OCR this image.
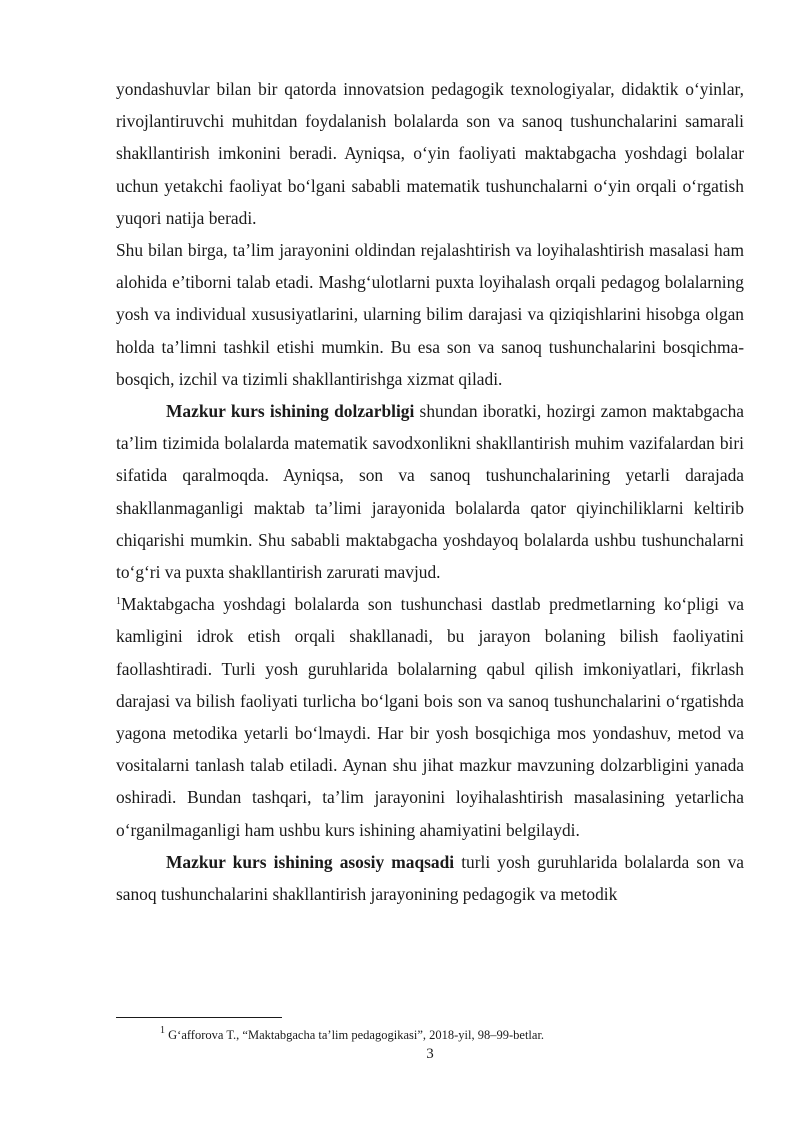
yondashuvlar bilan bir qatorda innovatsion pedagogik texnologiyalar, didaktik o‘yinlar, rivojlantiruvchi muhitdan foydalanish bolalarda son va sanoq tushunchalarini samarali shakllantirish imkonini beradi. Ayniqsa, o‘yin faoliyati maktabgacha yoshdagi bolalar uchun yetakchi faoliyat bo‘lgani sababli matematik tushunchalarni o‘yin orqali o‘rgatish yuqori natija beradi.

Shu bilan birga, ta’lim jarayonini oldindan rejalashtirish va loyihalashtirish masalasi ham alohida e’tiborni talab etadi. Mashg‘ulotlarni puxta loyihalash orqali pedagog bolalarning yosh va individual xususiyatlarini, ularning bilim darajasi va qiziqishlarini hisobga olgan holda ta’limni tashkil etishi mumkin. Bu esa son va sanoq tushunchalarini bosqichma-bosqich, izchil va tizimli shakllantirishga xizmat qiladi.

Mazkur kurs ishining dolzarbligi shundan iboratki, hozirgi zamon maktabgacha ta’lim tizimida bolalarda matematik savodxonlikni shakllantirish muhim vazifalardan biri sifatida qaralmoqda. Ayniqsa, son va sanoq tushunchalarining yetarli darajada shakllanmaganligi maktab ta’limi jarayonida bolalarda qator qiyinchiliklarni keltirib chiqarishi mumkin. Shu sababli maktabgacha yoshdayoq bolalarda ushbu tushunchalarni to‘g‘ri va puxta shakllantirish zarurati mavjud.

$^1$Maktabgacha yoshdagi bolalarda son tushunchasi dastlab predmetlarning ko‘pligi va kamligini idrok etish orqali shakllanadi, bu jarayon bolaning bilish faoliyatini faollashtiradi. Turli yosh guruhlarida bolalarning qabul qilish imkoniyatlari, fikrlash darajasi va bilish faoliyati turlicha bo‘lgani bois son va sanoq tushunchalarini o‘rgatishda yagona metodika yetarli bo‘lmaydi. Har bir yosh bosqichiga mos yondashuv, metod va vositalarni tanlash talab etiladi. Aynan shu jihat mazkur mavzuning dolzarbligini yanada oshiradi. Bundan tashqari, ta’lim jarayonini loyihalashtirish masalasining yetarlicha o‘rganilmaganligi ham ushbu kurs ishining ahamiyatini belgilaydi.

Mazkur kurs ishining asosiy maqsadi turli yosh guruhlarida bolalarda son va sanoq tushunchalarini shakllantirish jarayonining pedagogik va metodik

$^1$ G‘afforova T., “Maktabgacha ta’lim pedagogikasi”, 2018-yil, 98–99-betlar.
3
